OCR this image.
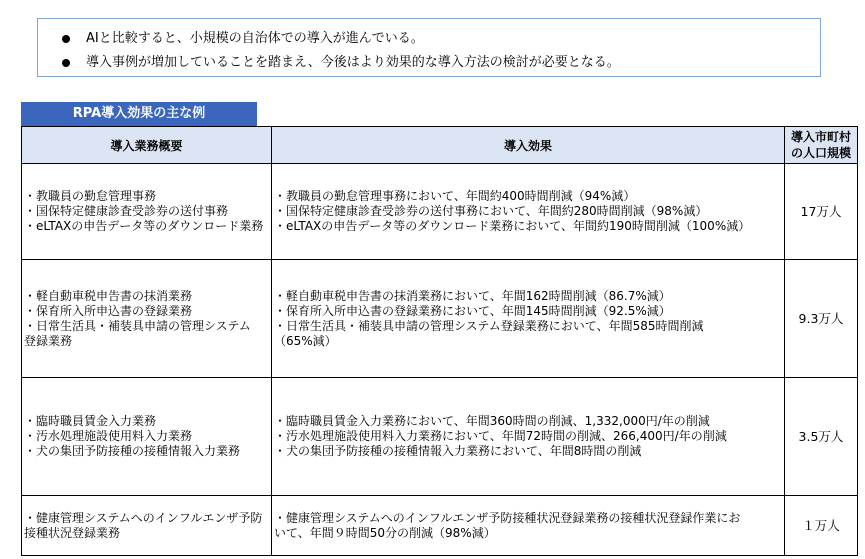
AIと比較すると、小規模の自治体での導入が進んでいる。
導入事例が増加していることを踏まえ、今後はより効果的な導入方法の検討が必要となる。
RPA導入効果の主な例
導入業務概要	導入効果	導入市町村
の人口規模

・教職員の勤怠管理事務
・国保特定健康診査受診券の送付事務
・eLTAXの申告データ等のダウンロード業務	・教職員の勤怠管理事務において、年間約400時間削減（94%減）
・国保特定健康診査受診券の送付事務において、年間約280時間削減（98%減）
・eLTAXの申告データ等のダウンロード業務において、年間約190時間削減（100%減）	17万人

・軽自動車税申告書の抹消業務
・保育所入所申込書の登録業務
・日常生活具・補装具申請の管理システム
登録業務	・軽自動車税申告書の抹消業務において、年間162時間削減（86.7%減）
・保育所入所申込書の登録業務において、年間145時間削減（92.5%減）
・日常生活具・補装具申請の管理システム登録業務において、年間585時間削減
（65%減）	9.3万人

・臨時職員賃金入力業務
・汚水処理施設使用料入力業務
・犬の集団予防接種の接種情報入力業務	・臨時職員賃金入力業務において、年間360時間の削減、1,332,000円/年の削減
・汚水処理施設使用料入力業務において、年間72時間の削減、266,400円/年の削減
・犬の集団予防接種の接種情報入力業務において、年間8時間の削減	3.5万人

・健康管理システムへのインフルエンザ予防
接種状況登録業務	・健康管理システムへのインフルエンザ予防接種状況登録業務の接種状況登録作業にお
いて、年間９時間50分の削減（98%減）	１万人
